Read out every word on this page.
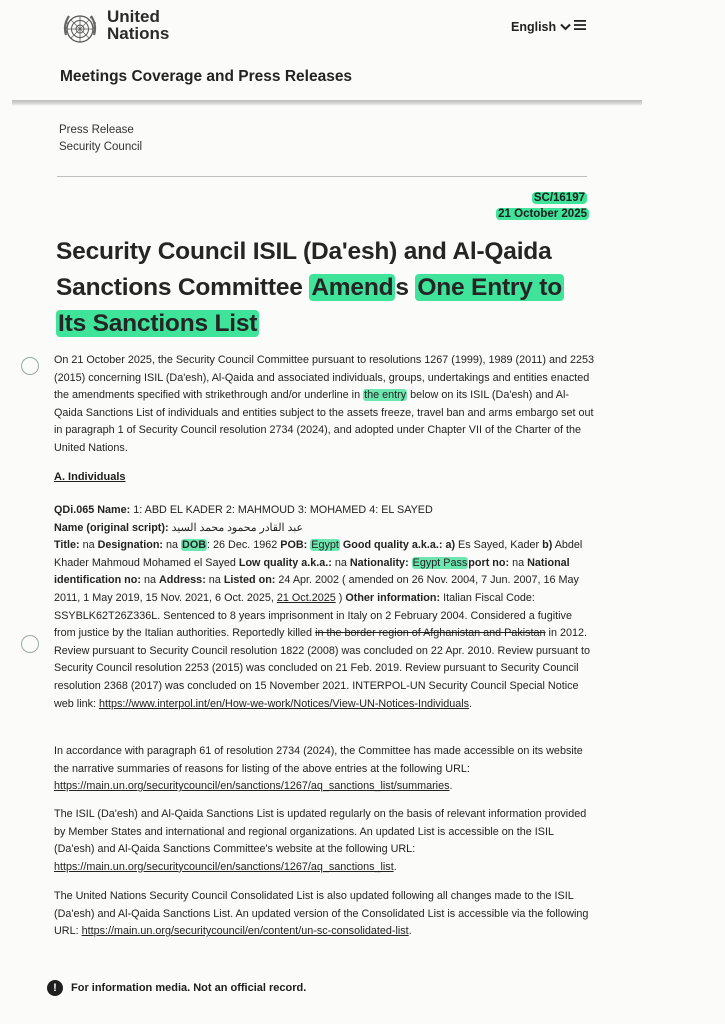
United
Nations	English
Meetings Coverage and Press Releases
Press Release
Security Council
SC/16197
21 October 2025
Security Council ISIL (Da'esh) and Al-Qaida Sanctions Committee Amends One Entry to
Its Sanctions List
On 21 October 2025, the Security Council Committee pursuant to resolutions 1267 (1999), 1989 (2011) and 2253 (2015) concerning ISIL (Da'esh), Al-Qaida and associated individuals, groups, undertakings and entities enacted the amendments specified with strikethrough and/or underline in the entry below on its ISIL (Da'esh) and Al-Qaida Sanctions List of individuals and entities subject to the assets freeze, travel ban and arms embargo set out in paragraph 1 of Security Council resolution 2734 (2024), and adopted under Chapter VII of the Charter of the United Nations.
A. Individuals
QDi.065 Name: 1: ABD EL KADER 2: MAHMOUD 3: MOHAMED 4: EL SAYED
Name (original script): عبد القادر محمود محمد السيد
Title: na Designation: na DOB: 26 Dec. 1962 POB: Egypt Good quality a.k.a.: a) Es Sayed, Kader b) Abdel Khader Mahmoud Mohamed el Sayed Low quality a.k.a.: na Nationality: Egypt Passport no: na National identification no: na Address: na Listed on: 24 Apr. 2002 ( amended on 26 Nov. 2004, 7 Jun. 2007, 16 May 2011, 1 May 2019, 15 Nov. 2021, 6 Oct. 2025, 21 Oct.2025 ) Other information: Italian Fiscal Code: SSYBLK62T26Z336L. Sentenced to 8 years imprisonment in Italy on 2 February 2004. Considered a fugitive from justice by the Italian authorities. Reportedly killed in the border region of Afghanistan and Pakistan in 2012. Review pursuant to Security Council resolution 1822 (2008) was concluded on 22 Apr. 2010. Review pursuant to Security Council resolution 2253 (2015) was concluded on 21 Feb. 2019. Review pursuant to Security Council resolution 2368 (2017) was concluded on 15 November 2021. INTERPOL-UN Security Council Special Notice web link: https://www.interpol.int/en/How-we-work/Notices/View-UN-Notices-Individuals.
In accordance with paragraph 61 of resolution 2734 (2024), the Committee has made accessible on its website the narrative summaries of reasons for listing of the above entries at the following URL: https://main.un.org/securitycouncil/en/sanctions/1267/aq_sanctions_list/summaries.
The ISIL (Da'esh) and Al-Qaida Sanctions List is updated regularly on the basis of relevant information provided by Member States and international and regional organizations. An updated List is accessible on the ISIL (Da'esh) and Al-Qaida Sanctions Committee's website at the following URL: https://main.un.org/securitycouncil/en/sanctions/1267/aq_sanctions_list.
The United Nations Security Council Consolidated List is also updated following all changes made to the ISIL (Da'esh) and Al-Qaida Sanctions List. An updated version of the Consolidated List is accessible via the following URL: https://main.un.org/securitycouncil/en/content/un-sc-consolidated-list.
!	For information media. Not an official record.
